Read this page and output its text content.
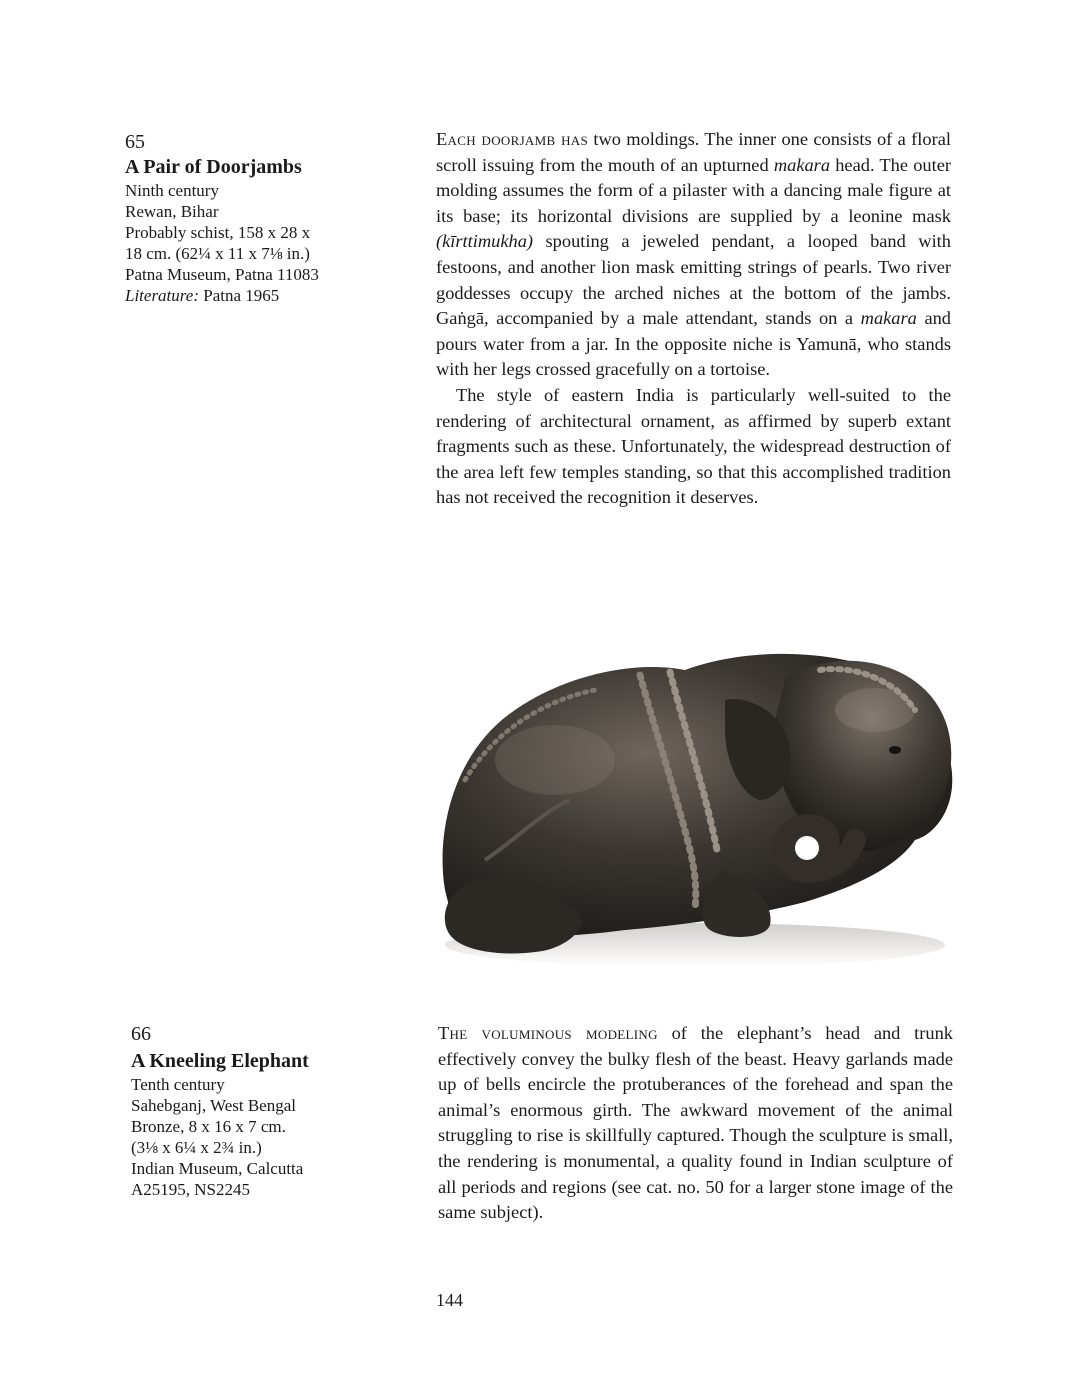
65
A Pair of Doorjambs
Ninth century
Rewan, Bihar
Probably schist, 158 x 28 x
18 cm. (62¼ x 11 x 7⅛ in.)
Patna Museum, Patna 11083
Literature: Patna 1965

Each doorjamb has two moldings. The inner one consists of a floral scroll issuing from the mouth of an upturned makara head. The outer molding assumes the form of a pilaster with a dancing male figure at its base; its horizontal divisions are supplied by a leonine mask (kīrttimukha) spouting a jeweled pendant, a looped band with festoons, and another lion mask emitting strings of pearls. Two river goddesses occupy the arched niches at the bottom of the jambs. Gaṅgā, accompanied by a male attendant, stands on a makara and pours water from a jar. In the opposite niche is Yamunā, who stands with her legs crossed gracefully on a tortoise.

The style of eastern India is particularly well-suited to the rendering of architectural ornament, as affirmed by superb extant fragments such as these. Unfortunately, the widespread destruction of the area left few temples standing, so that this accomplished tradition has not received the recognition it deserves.

66
A Kneeling Elephant
Tenth century
Sahebganj, West Bengal
Bronze, 8 x 16 x 7 cm.
(3⅛ x 6¼ x 2¾ in.)
Indian Museum, Calcutta
A25195, NS2245

The voluminous modeling of the elephant’s head and trunk effectively convey the bulky flesh of the beast. Heavy garlands made up of bells encircle the protuberances of the forehead and span the animal’s enormous girth. The awkward movement of the animal struggling to rise is skillfully captured. Though the sculpture is small, the rendering is monumental, a quality found in Indian sculpture of all periods and regions (see cat. no. 50 for a larger stone image of the same subject).

144
